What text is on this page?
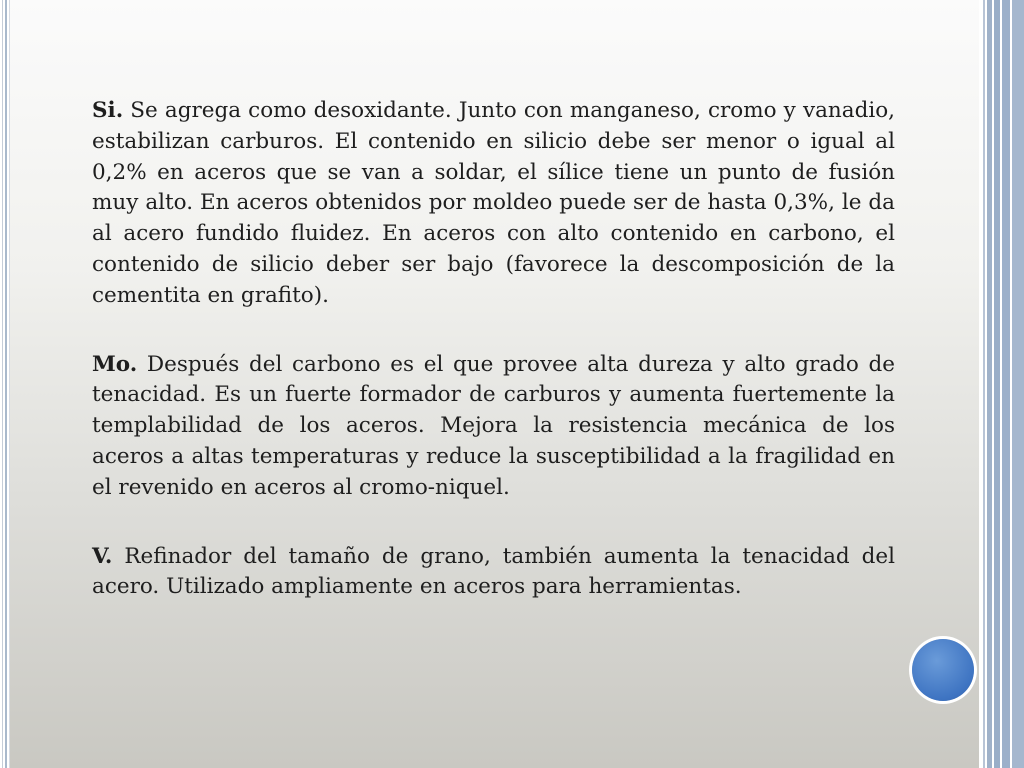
Si. Se agrega como desoxidante. Junto con manganeso, cromo y vanadio, estabilizan carburos. El contenido en silicio debe ser menor o igual al 0,2% en aceros que se van a soldar, el sílice tiene un punto de fusión muy alto. En aceros obtenidos por moldeo puede ser de hasta 0,3%, le da al acero fundido fluidez. En aceros con alto contenido en carbono, el contenido de silicio deber ser bajo (favorece la descomposición de la cementita en grafito).

Mo. Después del carbono es el que provee alta dureza y alto grado de tenacidad. Es un fuerte formador de carburos y aumenta fuertemente la templabilidad de los aceros. Mejora la resistencia mecánica de los aceros a altas temperaturas y reduce la susceptibilidad a la fragilidad en el revenido en aceros al cromo-niquel.

V. Refinador del tamaño de grano, también aumenta la tenacidad del acero. Utilizado ampliamente en aceros para herramientas.
